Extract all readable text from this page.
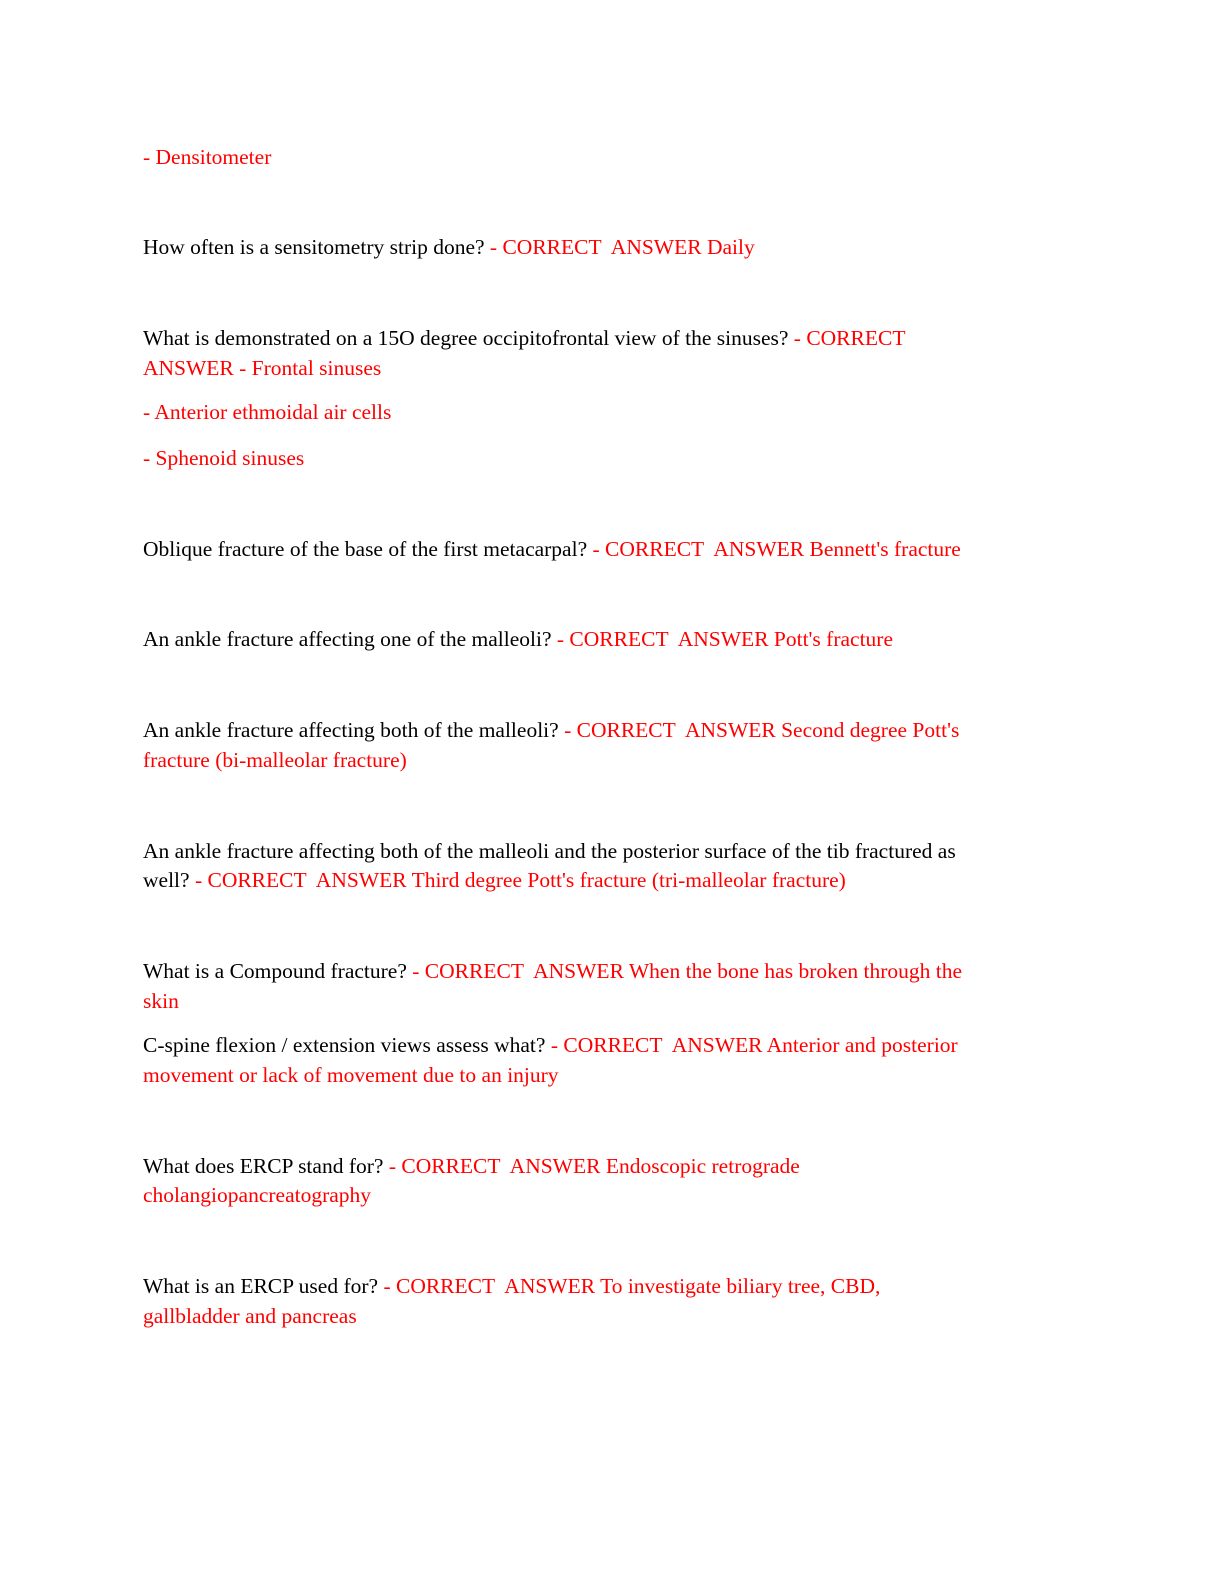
- Densitometer
How often is a sensitometry strip done? - CORRECT  ANSWER Daily
What is demonstrated on a 15O degree occipitofrontal view of the sinuses? - CORRECT
ANSWER - Frontal sinuses
- Anterior ethmoidal air cells
- Sphenoid sinuses
Oblique fracture of the base of the first metacarpal? - CORRECT  ANSWER Bennett's fracture
An ankle fracture affecting one of the malleoli? - CORRECT  ANSWER Pott's fracture
An ankle fracture affecting both of the malleoli? - CORRECT  ANSWER Second degree Pott's
fracture (bi-malleolar fracture)
An ankle fracture affecting both of the malleoli and the posterior surface of the tib fractured as
well? - CORRECT  ANSWER Third degree Pott's fracture (tri-malleolar fracture)
What is a Compound fracture? - CORRECT  ANSWER When the bone has broken through the
skin
C-spine flexion / extension views assess what? - CORRECT  ANSWER Anterior and posterior
movement or lack of movement due to an injury
What does ERCP stand for? - CORRECT  ANSWER Endoscopic retrograde
cholangiopancreatography
What is an ERCP used for? - CORRECT  ANSWER To investigate biliary tree, CBD,
gallbladder and pancreas
